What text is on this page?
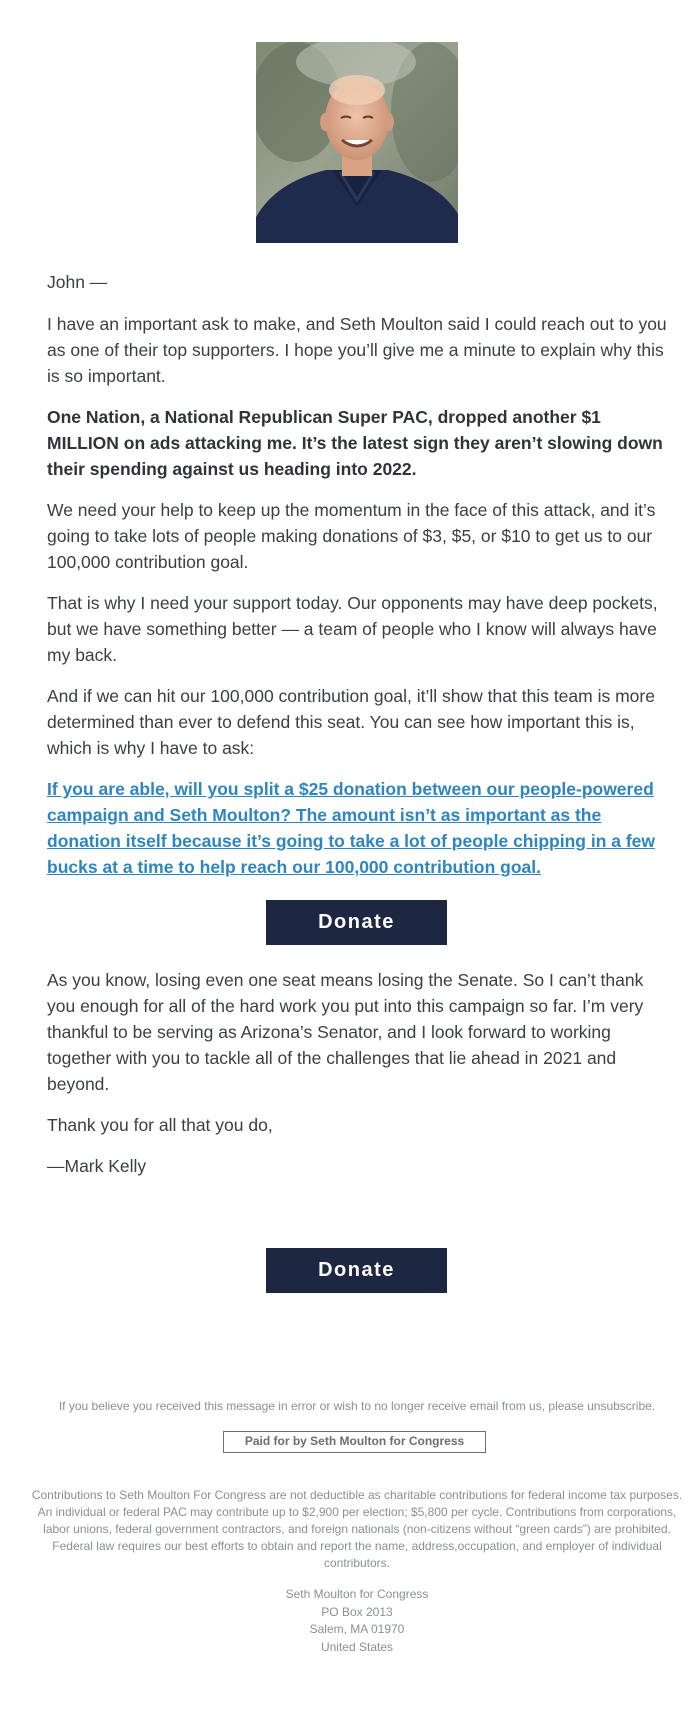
John —

I have an important ask to make, and Seth Moulton said I could reach out to you as one of their top supporters. I hope you’ll give me a minute to explain why this is so important.

One Nation, a National Republican Super PAC, dropped another $1 MILLION on ads attacking me. It’s the latest sign they aren’t slowing down their spending against us heading into 2022.

We need your help to keep up the momentum in the face of this attack, and it’s going to take lots of people making donations of $3, $5, or $10 to get us to our 100,000 contribution goal.

That is why I need your support today. Our opponents may have deep pockets, but we have something better — a team of people who I know will always have my back.

And if we can hit our 100,000 contribution goal, it’ll show that this team is more determined than ever to defend this seat. You can see how important this is, which is why I have to ask:

If you are able, will you split a $25 donation between our people-powered campaign and Seth Moulton? The amount isn’t as important as the donation itself because it’s going to take a lot of people chipping in a few bucks at a time to help reach our 100,000 contribution goal.

Donate

As you know, losing even one seat means losing the Senate. So I can’t thank you enough for all of the hard work you put into this campaign so far. I’m very thankful to be serving as Arizona’s Senator, and I look forward to working together with you to tackle all of the challenges that lie ahead in 2021 and beyond.

Thank you for all that you do,

—Mark Kelly

Donate
If you believe you received this message in error or wish to no longer receive email from us, please unsubscribe.
Paid for by Seth Moulton for Congress
Contributions to Seth Moulton For Congress are not deductible as charitable contributions for federal income tax purposes. An individual or federal PAC may contribute up to $2,900 per election; $5,800 per cycle. Contributions from corporations, labor unions, federal government contractors, and foreign nationals (non-citizens without “green cards”) are prohibited. Federal law requires our best efforts to obtain and report the name, address,occupation, and employer of individual contributors.
Seth Moulton for Congress
PO Box 2013
Salem, MA 01970
United States
